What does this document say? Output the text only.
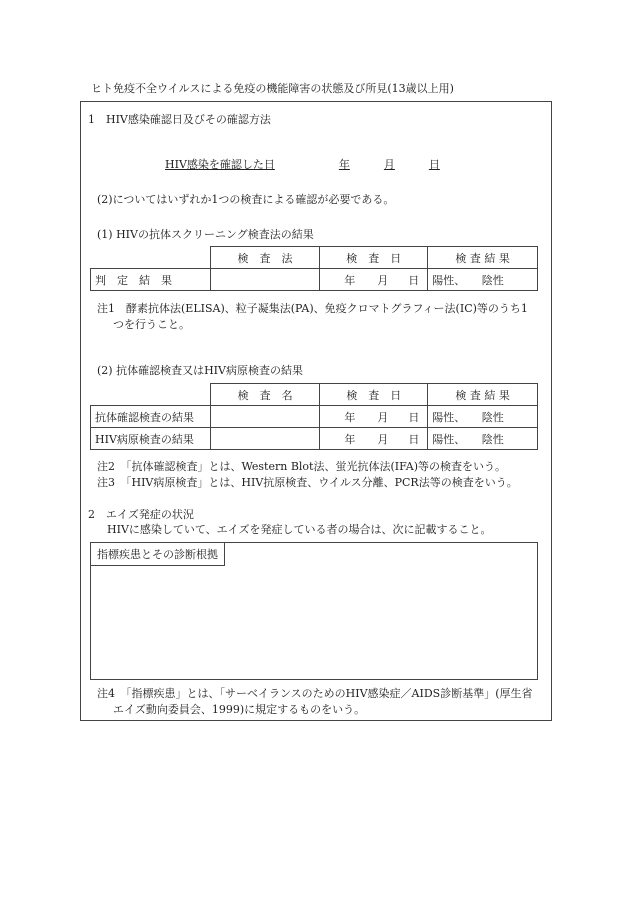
ヒト免疫不全ウイルスによる免疫の機能障害の状態及び所見(13歳以上用)
1　HIV感染確認日及びその確認方法
HIV感染を確認した日	年	月	日
(2)についてはいずれか1つの検査による確認が必要である。
(1) HIVの抗体スクリーニング検査法の結果
	検　査　法	検　査　日	検 査 結 果
判　定　結　果		年 月 日	陽性、　　陰性
注1　酵素抗体法(ELISA)、粒子凝集法(PA)、免疫クロマトグラフィー法(IC)等のうち1
つを行うこと。
(2) 抗体確認検査又はHIV病原検査の結果
	検　査　名	検　査　日	検 査 結 果
抗体確認検査の結果		年 月 日	陽性、　　陰性
HIV病原検査の結果		年 月 日	陽性、　　陰性
注2　「抗体確認検査」とは、Western Blot法、蛍光抗体法(IFA)等の検査をいう。
注3　「HIV病原検査」とは、HIV抗原検査、ウイルス分離、PCR法等の検査をいう。
2　エイズ発症の状況
HIVに感染していて、エイズを発症している者の場合は、次に記載すること。
指標疾患とその診断根拠
注4　「指標疾患」とは、「サーベイランスのためのHIV感染症／AIDS診断基準」(厚生省
エイズ動向委員会、1999)に規定するものをいう。
